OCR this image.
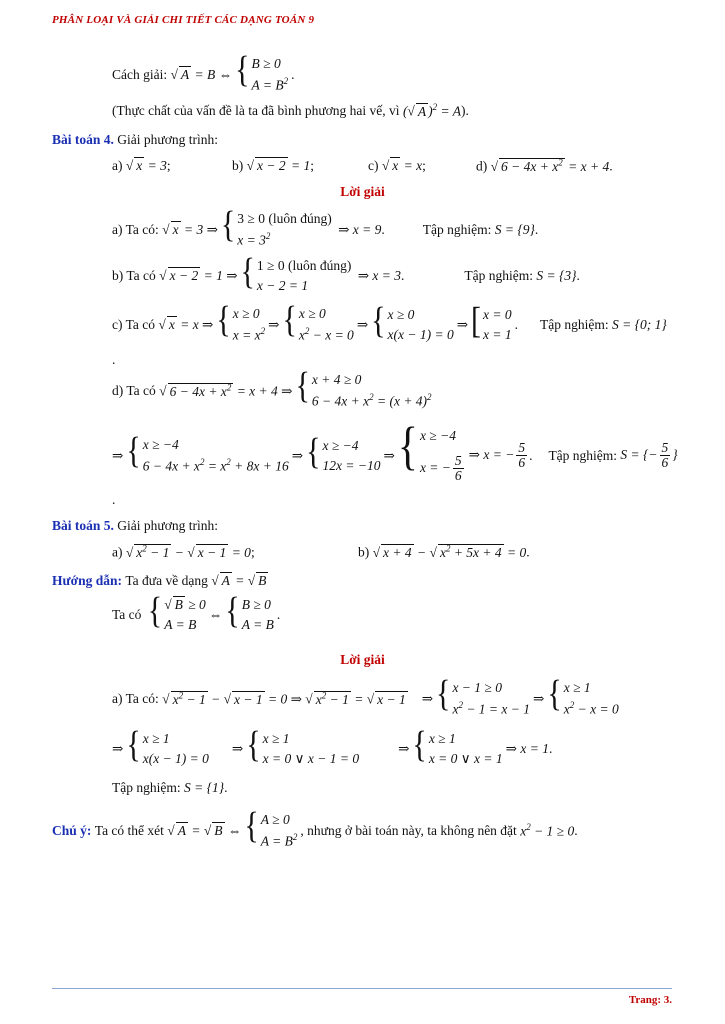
PHÂN LOẠI VÀ GIẢI CHI TIẾT CÁC DẠNG TOÁN 9
Cách giải:
√ A = B ⇔ { B ≥ 0
$A = B^2$ .
(Thực chất của vấn đề là ta đã bình phương hai vế, vì
(√ A )$^2$ = A ).
Bài toán 4.
Giải phương trình:
a) √ x = 3;	b) √ x − 2 = 1;	c) √ x = x;	d) √ $6 - 4x + x^2 = x + 4$.
Lời giải
a) Ta có:
√ x = 3 ⇒ { 3 ≥ 0 (luôn đúng)
$x = 3^2$	⇒ x = 9 .	Tập nghiệm:
S = {9} .
b) Ta có
√ x − 2 = 1 ⇒ { 1 ≥ 0 (luôn đúng)
x − 2 = 1
⇒ x = 3 .	Tập nghiệm:
S = {3} .
c) Ta có
√ x = x ⇒ { x ≥ 0
$x = x^2$ ⇒ { x ≥ 0
$x^2 - x = 0$
⇒ { x ≥ 0
x(x − 1) = 0
⇒ [ x = 0
x = 1
. Tập nghiệm:
S = {0; 1}
.
d) Ta có
√ $6 - 4x + x^2 = x + 4$ ⇒ { x + 4 ≥ 0
$6 - 4x + x^2 = (x + 4)^2$
⇒ { x ≥ −4
$6 - 4x + x^2 = x^2 + 8x + 16$
⇒ { x ≥ −4
12x = −10
⇒ { x ≥ −4
x = − $\frac{5}{6}$ ⇒ x = − $\frac{5}{6}$ . Tập nghiệm:
S = {− $\frac{5}{6}$ }
.
Bài toán 5.
Giải phương trình:
a) √ $x^2 - 1$ − √ x − 1 = 0;	b) √ x + 4 − √ $x^2 + 5x + 4 = 0$.
Hướng dẫn:
Ta đưa về dạng
√ A = √ B
Ta có
{ √ B ≥ 0
A = B
⇔ { B ≥ 0
A = B
.
Lời giải
a) Ta có:
√ $x^2 - 1$ − √ x − 1 = 0 ⇒ √ $x^2 - 1$ = √ x − 1 ⇒ { x − 1 ≥ 0
$x^2 - 1 = x - 1$
⇒ { x ≥ 1
$x^2 - x = 0$
⇒ { x ≥ 1
x(x − 1) = 0
⇒ { x ≥ 1
x = 0 ∨ x − 1 = 0
⇒ { x ≥ 1
x = 0 ∨ x = 1
⇒ x = 1 .
Tập nghiệm:
S = {1} .
Chú ý:
Ta có thể xét
√ A = √ B ⇔ { A ≥ 0
$A = B^2$ , nhưng ở bài toán này, ta không nên đặt
$x^2 - 1 \ge 0$ .
Trang: 3.
